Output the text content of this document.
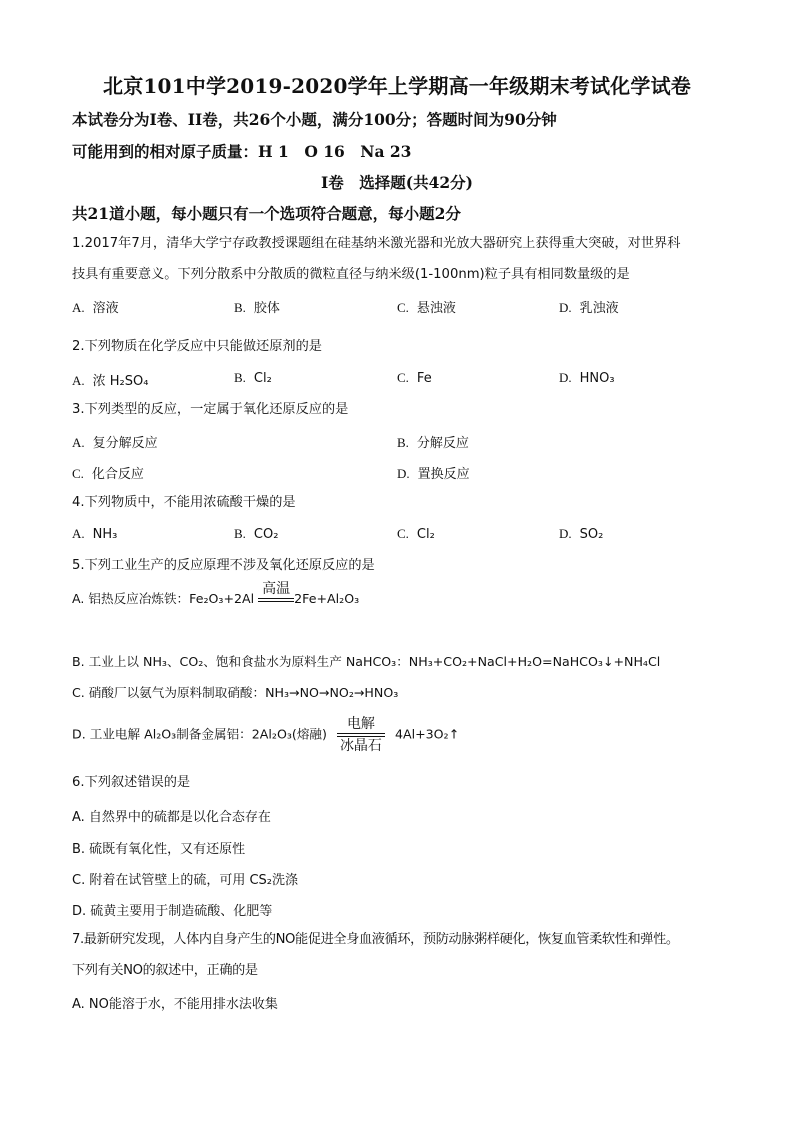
北京101中学2019-2020学年上学期高一年级期末考试化学试卷
本试卷分为I卷、II卷，共26个小题，满分100分；答题时间为90分钟
可能用到的相对原子质量：H 1　O 16　Na 23
I卷　选择题(共42分)
共21道小题，每小题只有一个选项符合题意，每小题2分
1.2017年7月，清华大学宁存政教授课题组在硅基纳米激光器和光放大器研究上获得重大突破，对世界科
技具有重要意义。下列分散系中分散质的微粒直径与纳米级(1-100nm)粒子具有相同数量级的是
A. 溶液	B. 胶体	C. 悬浊液	D. 乳浊液
2.下列物质在化学反应中只能做还原剂的是
A. 浓 H₂SO₄	B. Cl₂	C. Fe	D. HNO₃
3.下列类型的反应，一定属于氧化还原反应的是
A. 复分解反应	B. 分解反应
C. 化合反应	D. 置换反应
4.下列物质中，不能用浓硫酸干燥的是
A. NH₃	B. CO₂	C. Cl₂	D. SO₂
5.下列工业生产的反应原理不涉及氧化还原反应的是
A. 铝热反应冶炼铁：Fe₂O₃+2Al
高温
2Fe+Al₂O₃
B. 工业上以 NH₃、CO₂、饱和食盐水为原料生产 NaHCO₃：NH₃+CO₂+NaCl+H₂O=NaHCO₃↓+NH₄Cl
C. 硝酸厂以氨气为原料制取硝酸：NH₃→NO→NO₂→HNO₃
D. 工业电解 Al₂O₃制备金属铝：2Al₂O₃(熔融)
电解
冰晶石
4Al+3O₂↑
6.下列叙述错误的是
A. 自然界中的硫都是以化合态存在
B. 硫既有氧化性，又有还原性
C. 附着在试管壁上的硫，可用 CS₂洗涤
D. 硫黄主要用于制造硫酸、化肥等
7.最新研究发现，人体内自身产生的NO能促进全身血液循环，预防动脉粥样硬化，恢复血管柔软性和弹性。
下列有关NO的叙述中，正确的是
A. NO能溶于水，不能用排水法收集
